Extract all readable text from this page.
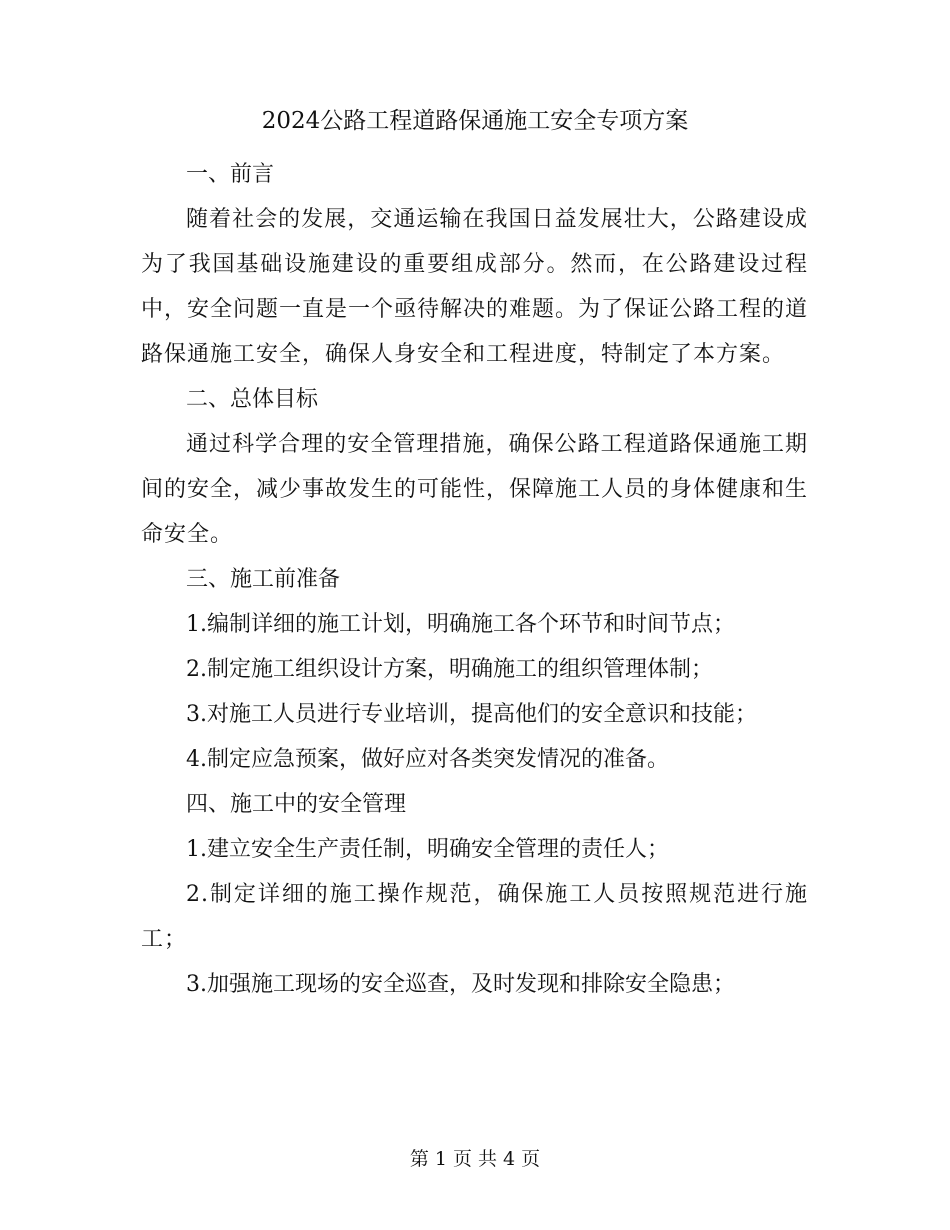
2024公路工程道路保通施工安全专项方案

一、前言

随着社会的发展，交通运输在我国日益发展壮大，公路建设成为了我国基础设施建设的重要组成部分。然而，在公路建设过程中，安全问题一直是一个亟待解决的难题。为了保证公路工程的道路保通施工安全，确保人身安全和工程进度，特制定了本方案。

二、总体目标

通过科学合理的安全管理措施，确保公路工程道路保通施工期间的安全，减少事故发生的可能性，保障施工人员的身体健康和生命安全。

三、施工前准备

1.编制详细的施工计划，明确施工各个环节和时间节点；

2.制定施工组织设计方案，明确施工的组织管理体制；

3.对施工人员进行专业培训，提高他们的安全意识和技能；

4.制定应急预案，做好应对各类突发情况的准备。

四、施工中的安全管理

1.建立安全生产责任制，明确安全管理的责任人；

2.制定详细的施工操作规范，确保施工人员按照规范进行施工；

3.加强施工现场的安全巡查，及时发现和排除安全隐患；

第 1 页 共 4 页
